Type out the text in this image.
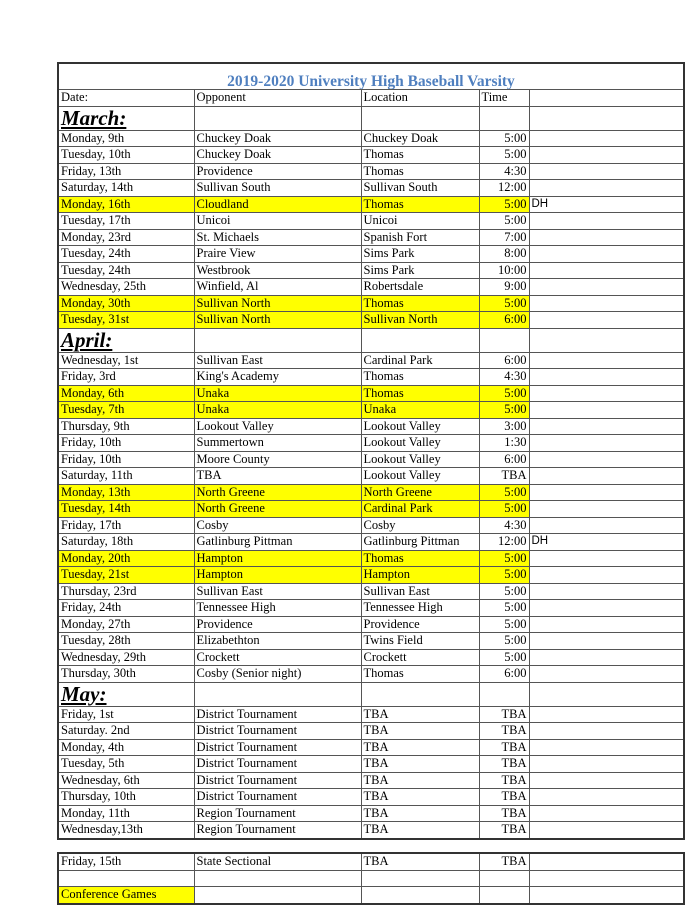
2019-2020 University High Baseball Varsity				
Date:	Opponent	Location	Time	
March:				
Monday, 9th	Chuckey Doak	Chuckey Doak	5:00	
Tuesday, 10th	Chuckey Doak	Thomas	5:00	
Friday, 13th	Providence	Thomas	4:30	
Saturday, 14th	Sullivan South	Sullivan South	12:00	
Monday, 16th	Cloudland	Thomas	5:00	DH
Tuesday, 17th	Unicoi	Unicoi	5:00	
Monday, 23rd	St. Michaels	Spanish Fort	7:00	
Tuesday, 24th	Praire View	Sims Park	8:00	
Tuesday, 24th	Westbrook	Sims Park	10:00	
Wednesday, 25th	Winfield, Al	Robertsdale	9:00	
Monday, 30th	Sullivan North	Thomas	5:00	
Tuesday, 31st	Sullivan North	Sullivan North	6:00	
April:				
Wednesday, 1st	Sullivan East	Cardinal Park	6:00	
Friday, 3rd	King's Academy	Thomas	4:30	
Monday, 6th	Unaka	Thomas	5:00	
Tuesday, 7th	Unaka	Unaka	5:00	
Thursday, 9th	Lookout Valley	Lookout Valley	3:00	
Friday, 10th	Summertown	Lookout Valley	1:30	
Friday, 10th	Moore County	Lookout Valley	6:00	
Saturday, 11th	TBA	Lookout Valley	TBA	
Monday, 13th	North Greene	North Greene	5:00	
Tuesday, 14th	North Greene	Cardinal Park	5:00	
Friday, 17th	Cosby	Cosby	4:30	
Saturday, 18th	Gatlinburg Pittman	Gatlinburg Pittman	12:00	DH
Monday, 20th	Hampton	Thomas	5:00	
Tuesday, 21st	Hampton	Hampton	5:00	
Thursday, 23rd	Sullivan East	Sullivan East	5:00	
Friday, 24th	Tennessee High	Tennessee High	5:00	
Monday, 27th	Providence	Providence	5:00	
Tuesday, 28th	Elizabethton	Twins Field	5:00	
Wednesday, 29th	Crockett	Crockett	5:00	
Thursday, 30th	Cosby (Senior night)	Thomas	6:00	
May:				
Friday, 1st	District Tournament	TBA	TBA	
Saturday. 2nd	District Tournament	TBA	TBA	
Monday, 4th	District Tournament	TBA	TBA	
Tuesday, 5th	District Tournament	TBA	TBA	
Wednesday, 6th	District Tournament	TBA	TBA	
Thursday, 10th	District Tournament	TBA	TBA	
Monday, 11th	Region Tournament	TBA	TBA	
Wednesday,13th	Region Tournament	TBA	TBA	
Friday, 15th	State Sectional	TBA	TBA	

Conference Games				
